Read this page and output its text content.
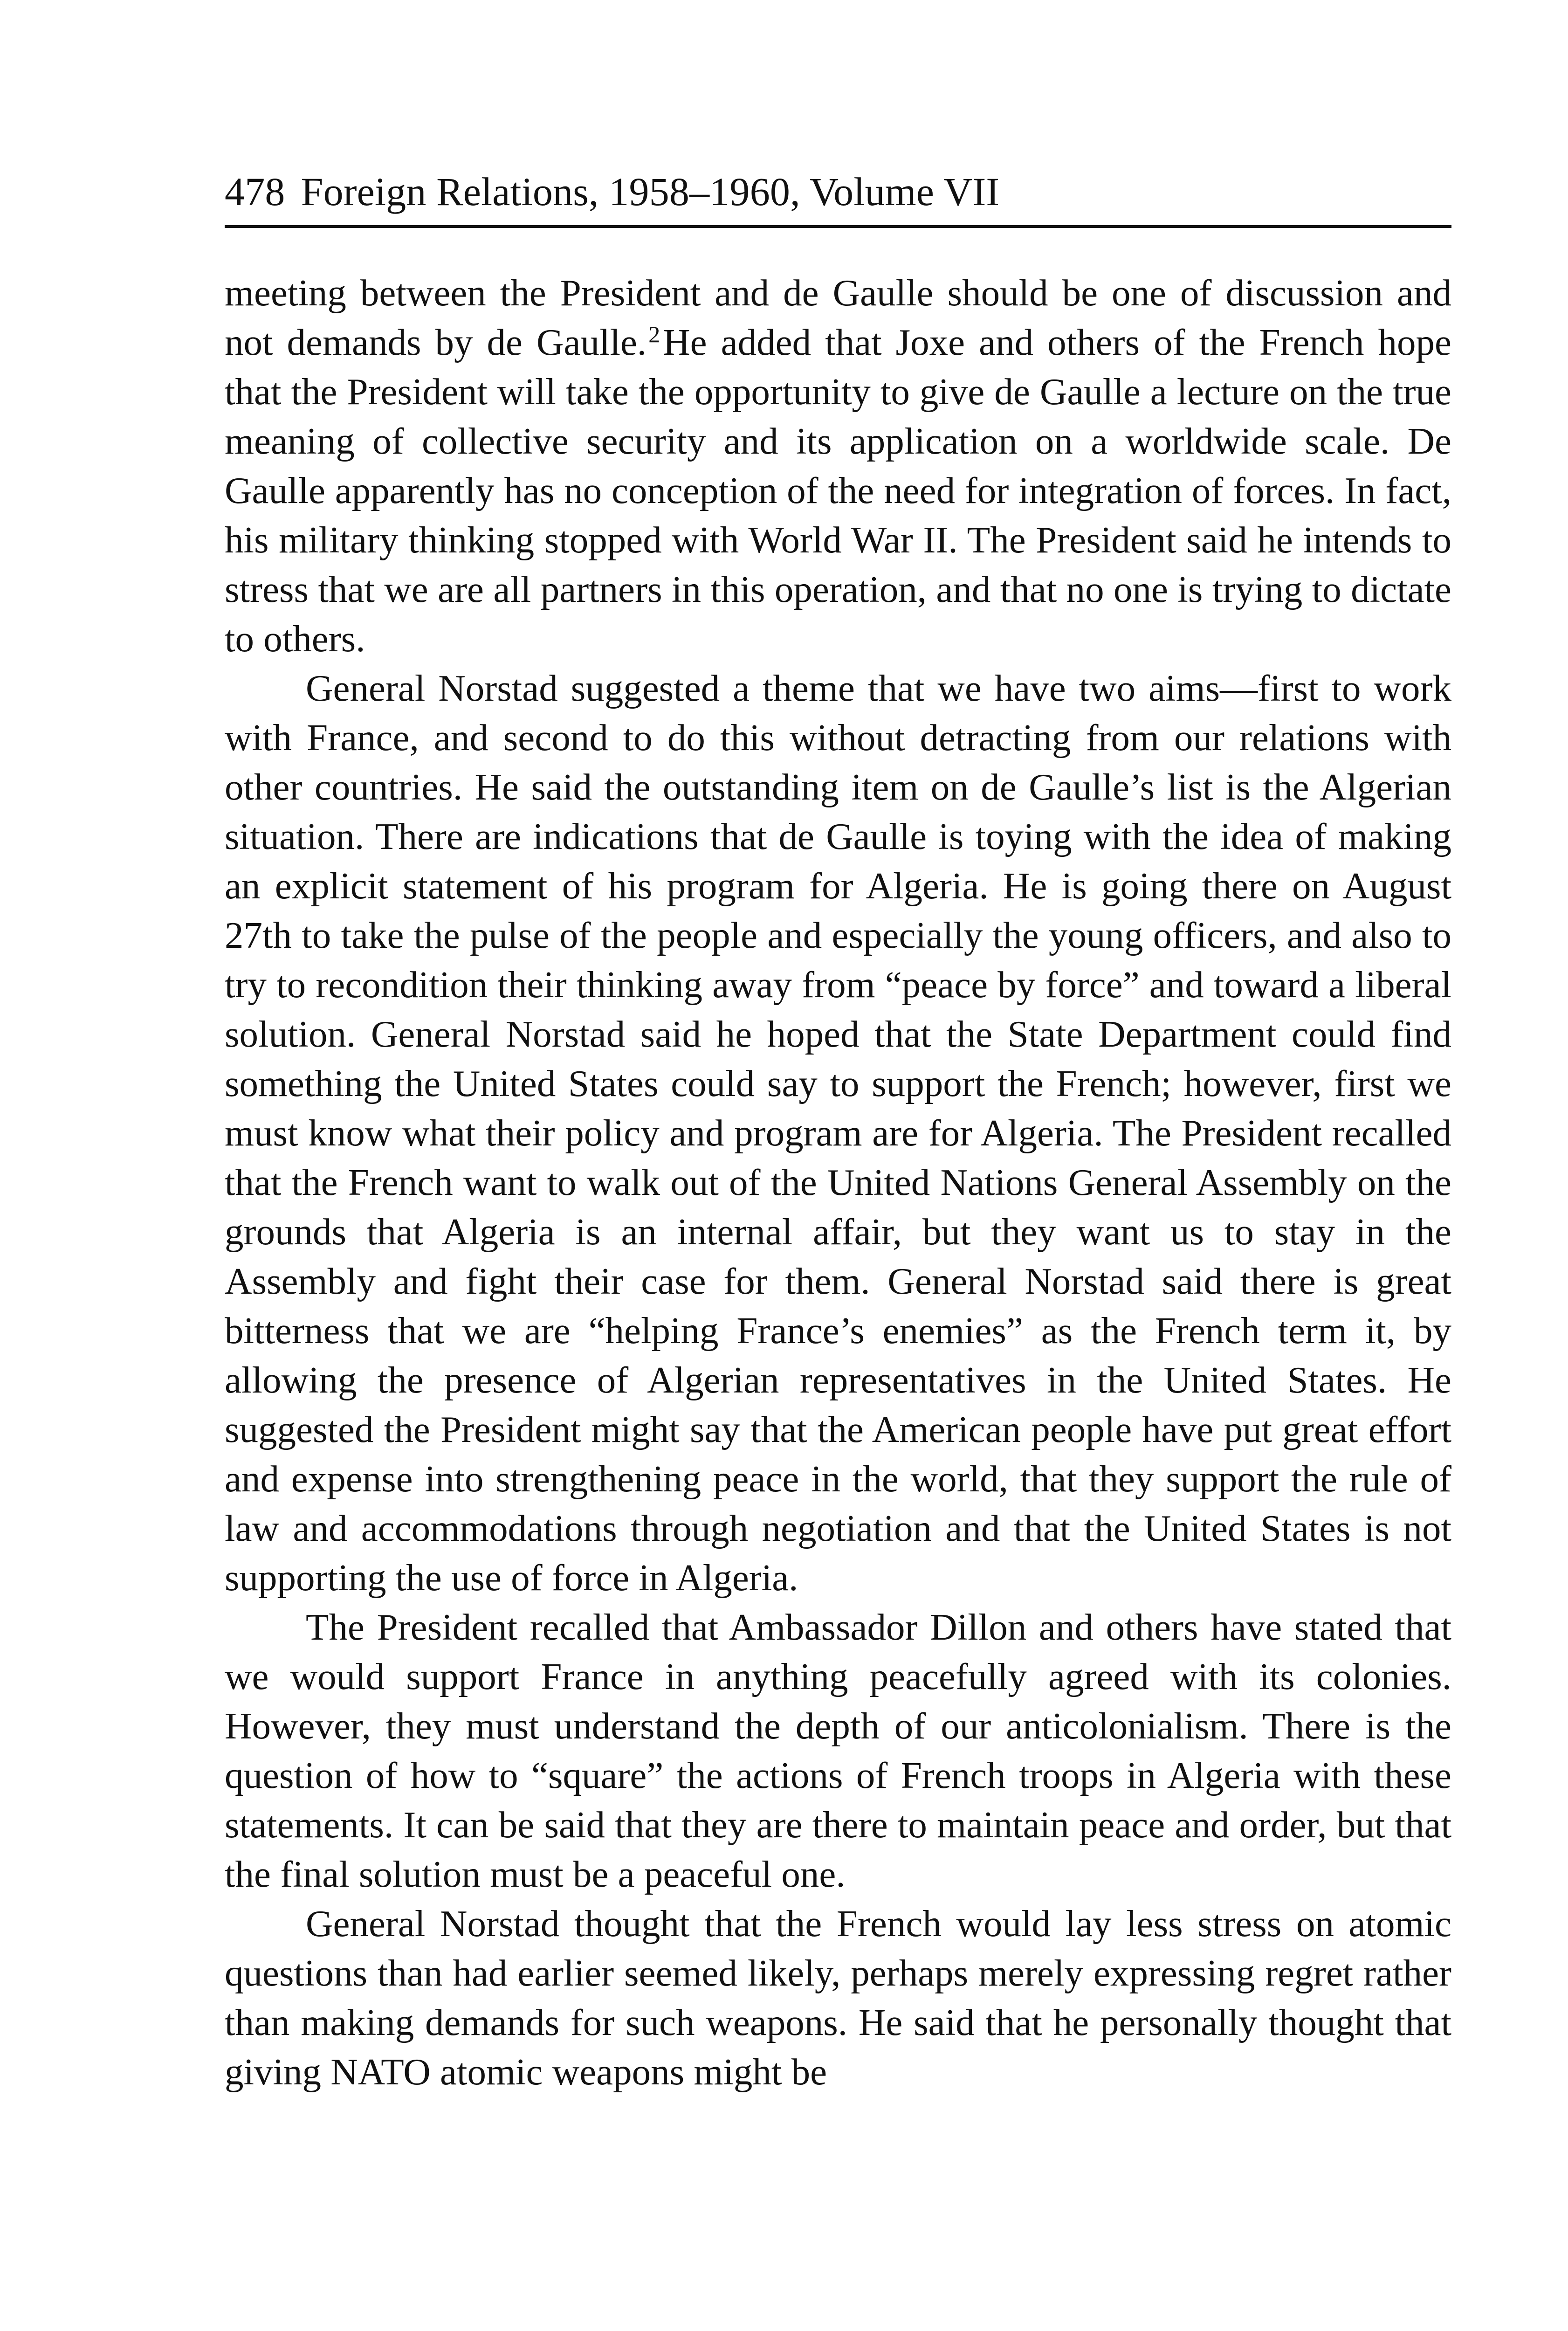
478 Foreign Relations, 1958–1960, Volume VII

meeting between the President and de Gaulle should be one of discussion and not demands by de Gaulle.$^2$He added that Joxe and others of the French hope that the President will take the opportunity to give de Gaulle a lecture on the true meaning of collective security and its application on a worldwide scale. De Gaulle apparently has no conception of the need for integration of forces. In fact, his military thinking stopped with World War II. The President said he intends to stress that we are all partners in this operation, and that no one is trying to dictate to others.

General Norstad suggested a theme that we have two aims—first to work with France, and second to do this without detracting from our relations with other countries. He said the outstanding item on de Gaulle’s list is the Algerian situation. There are indications that de Gaulle is toying with the idea of making an explicit statement of his program for Algeria. He is going there on August 27th to take the pulse of the people and especially the young officers, and also to try to recondition their thinking away from “peace by force” and toward a liberal solution. General Norstad said he hoped that the State Department could find something the United States could say to support the French; however, first we must know what their policy and program are for Algeria. The President recalled that the French want to walk out of the United Nations General Assembly on the grounds that Algeria is an internal affair, but they want us to stay in the Assembly and fight their case for them. General Norstad said there is great bitterness that we are “helping France’s enemies” as the French term it, by allowing the presence of Algerian representatives in the United States. He suggested the President might say that the American people have put great effort and expense into strengthening peace in the world, that they support the rule of law and accommodations through negotiation and that the United States is not supporting the use of force in Algeria.

The President recalled that Ambassador Dillon and others have stated that we would support France in anything peacefully agreed with its colonies. However, they must understand the depth of our anticolonialism. There is the question of how to “square” the actions of French troops in Algeria with these statements. It can be said that they are there to maintain peace and order, but that the final solution must be a peaceful one.

General Norstad thought that the French would lay less stress on atomic questions than had earlier seemed likely, perhaps merely expressing regret rather than making demands for such weapons. He said that he personally thought that giving NATO atomic weapons might be
